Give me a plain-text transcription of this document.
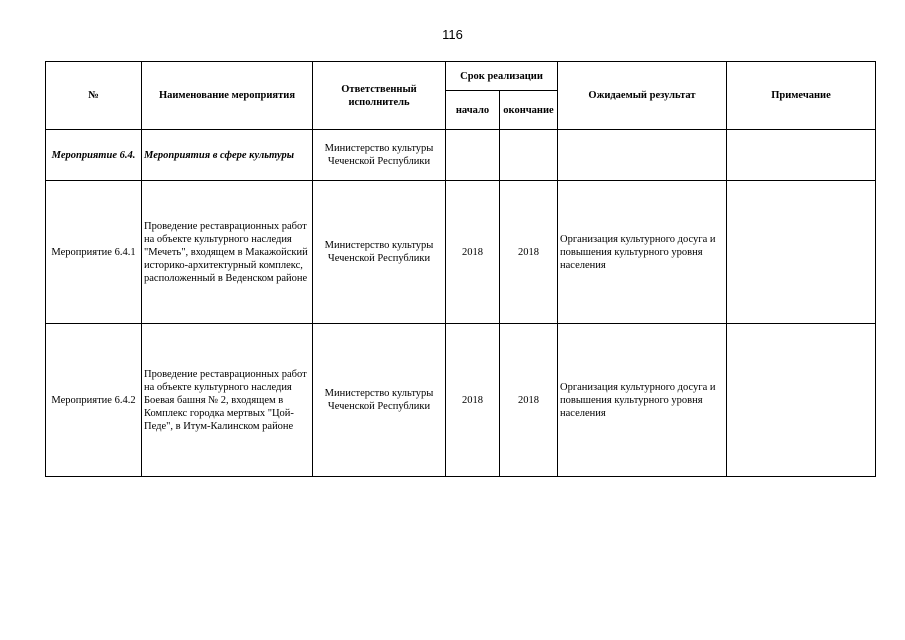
116
№	Наименование мероприятия	Ответственный исполнитель	Срок реализации		Ожидаемый результат	Примечание
			начало	окончание		
Мероприятие 6.4.	Мероприятия в сфере культуры	Министерство культуры Чеченской Республики				
Мероприятие 6.4.1	Проведение реставрационных работ на объекте культурного наследия "Мечеть", входящем в Макажойский историко-архитектурный комплекс, расположенный в Веденском районе	Министерство культуры Чеченской Республики	2018	2018	Организация культурного досуга и повышения культурного уровня населения	
Мероприятие 6.4.2	Проведение реставрационных работ на объекте культурного наследия Боевая башня № 2, входящем в Комплекс городка мертвых "Цой- Педе", в Итум-Калинском районе	Министерство культуры Чеченской Республики	2018	2018	Организация культурного досуга и повышения культурного уровня населения	
